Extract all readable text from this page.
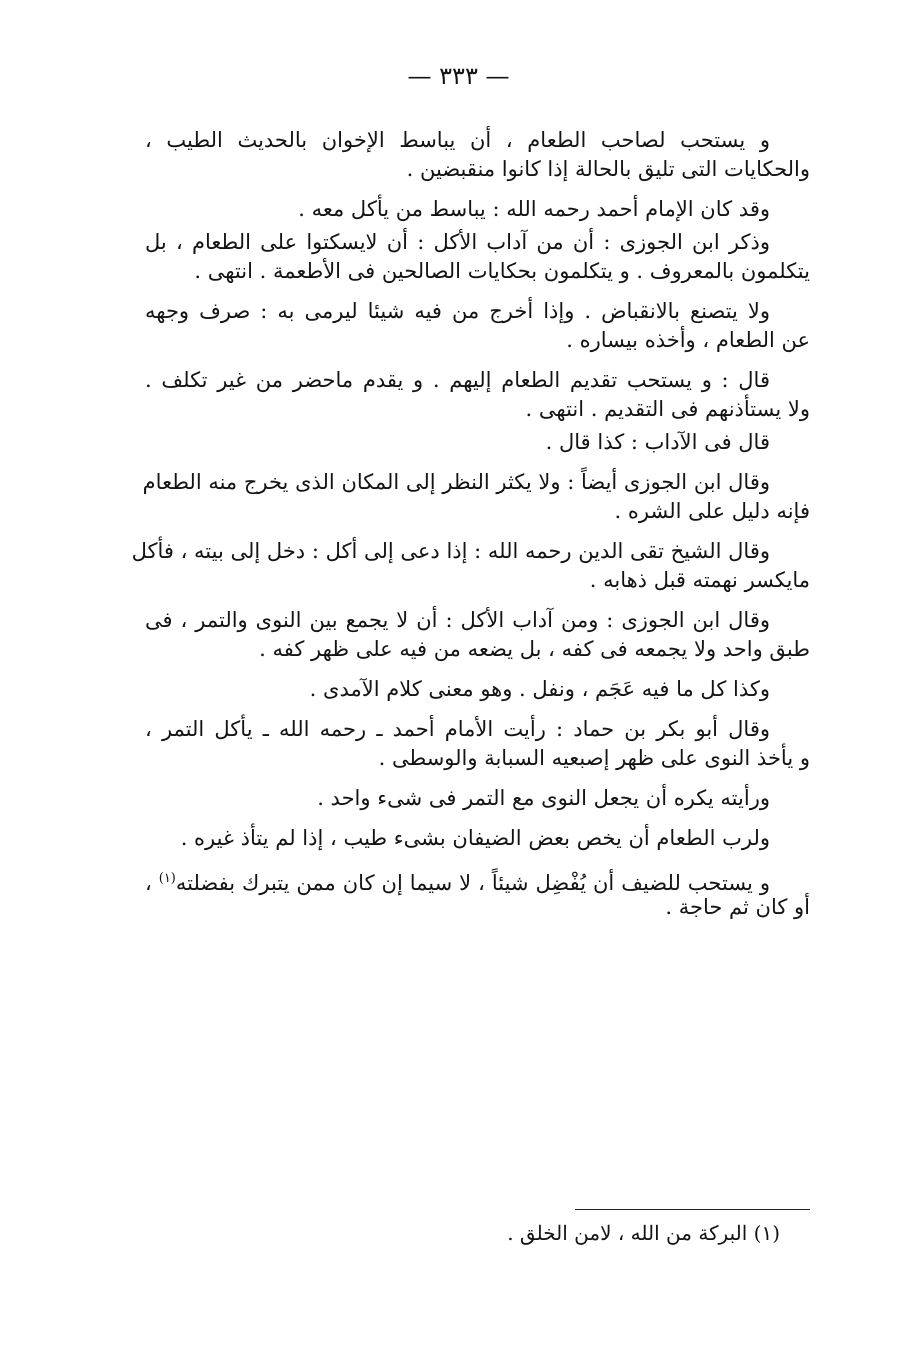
— ٣٣٣ —
و يستحب لصاحب الطعام ، أن يباسط الإخوان بالحديث الطيب ،
والحكايات التى تليق بالحالة إذا كانوا منقبضين .
وقد كان الإمام أحمد رحمه الله : يباسط من يأكل معه .
وذكر ابن الجوزى : أن من آداب الأكل : أن لايسكتوا على الطعام ، بل
يتكلمون بالمعروف . و يتكلمون بحكايات الصالحين فى الأطعمة . انتهى .
ولا يتصنع بالانقباض . وإذا أخرج من فيه شيئا ليرمى به : صرف وجهه
عن الطعام ، وأخذه بيساره .
قال : و يستحب تقديم الطعام إليهم . و يقدم ماحضر من غير تكلف .
ولا يستأذنهم فى التقديم . انتهى .
قال فى الآداب : كذا قال .
وقال ابن الجوزى أيضاً : ولا يكثر النظر إلى المكان الذى يخرج منه الطعام
فإنه دليل على الشره .
وقال الشيخ تقى الدين رحمه الله : إذا دعى إلى أكل : دخل إلى بيته ، فأكل
مايكسر نهمته قبل ذهابه .
وقال ابن الجوزى : ومن آداب الأكل : أن لا يجمع بين النوى والتمر ، فى
طبق واحد ولا يجمعه فى كفه ، بل يضعه من فيه على ظهر كفه .
وكذا كل ما فيه عَجَم ، ونفل . وهو معنى كلام الآمدى .
وقال أبو بكر بن حماد : رأيت الأمام أحمد ـ رحمه الله ـ يأكل التمر ،
و يأخذ النوى على ظهر إصبعيه السبابة والوسطى .
ورأيته يكره أن يجعل النوى مع التمر فى شىء واحد .
ولرب الطعام أن يخص بعض الضيفان بشىء طيب ، إذا لم يتأذ غيره .
و يستحب للضيف أن يُفْضِل شيئاً ، لا سيما إن كان ممن يتبرك بفضلته$^{(١)}$ ،
أو كان ثم حاجة .
(١) البركة من الله ، لامن الخلق .
